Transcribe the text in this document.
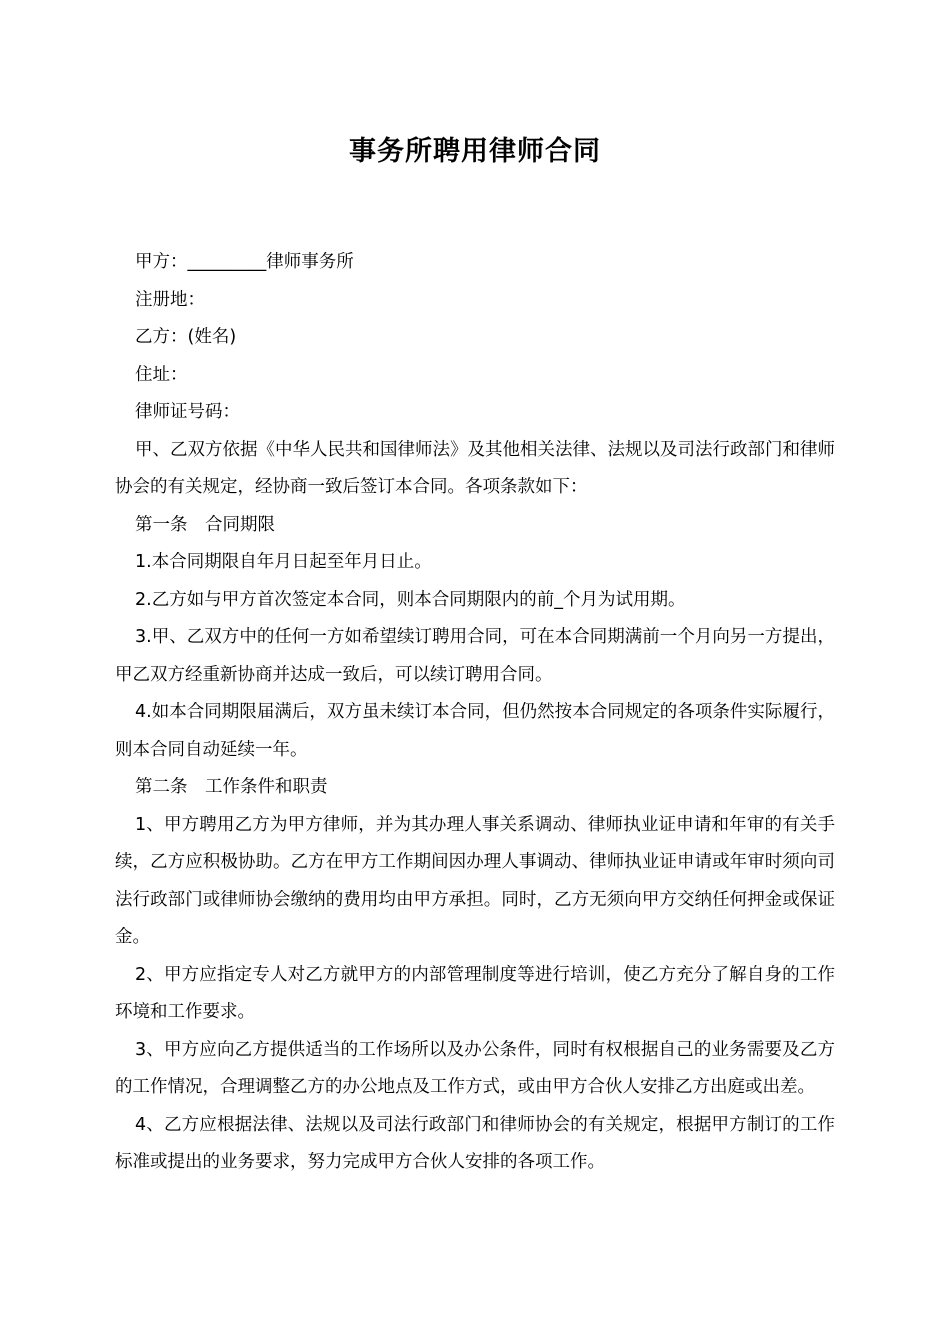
事务所聘用律师合同

甲方：_________律师事务所

注册地：

乙方：(姓名)

住址：

律师证号码：

甲、乙双方依据《中华人民共和国律师法》及其他相关法律、法规以及司法行政部门和律师协会的有关规定，经协商一致后签订本合同。各项条款如下：

第一条　合同期限

1.本合同期限自年月日起至年月日止。

2.乙方如与甲方首次签定本合同，则本合同期限内的前_个月为试用期。

3.甲、乙双方中的任何一方如希望续订聘用合同，可在本合同期满前一个月向另一方提出，甲乙双方经重新协商并达成一致后，可以续订聘用合同。

4.如本合同期限届满后，双方虽未续订本合同，但仍然按本合同规定的各项条件实际履行，则本合同自动延续一年。

第二条　工作条件和职责

1、甲方聘用乙方为甲方律师，并为其办理人事关系调动、律师执业证申请和年审的有关手续，乙方应积极协助。乙方在甲方工作期间因办理人事调动、律师执业证申请或年审时须向司法行政部门或律师协会缴纳的费用均由甲方承担。同时，乙方无须向甲方交纳任何押金或保证金。

2、甲方应指定专人对乙方就甲方的内部管理制度等进行培训，使乙方充分了解自身的工作环境和工作要求。

3、甲方应向乙方提供适当的工作场所以及办公条件，同时有权根据自己的业务需要及乙方的工作情况，合理调整乙方的办公地点及工作方式，或由甲方合伙人安排乙方出庭或出差。

4、乙方应根据法律、法规以及司法行政部门和律师协会的有关规定，根据甲方制订的工作标准或提出的业务要求，努力完成甲方合伙人安排的各项工作。
